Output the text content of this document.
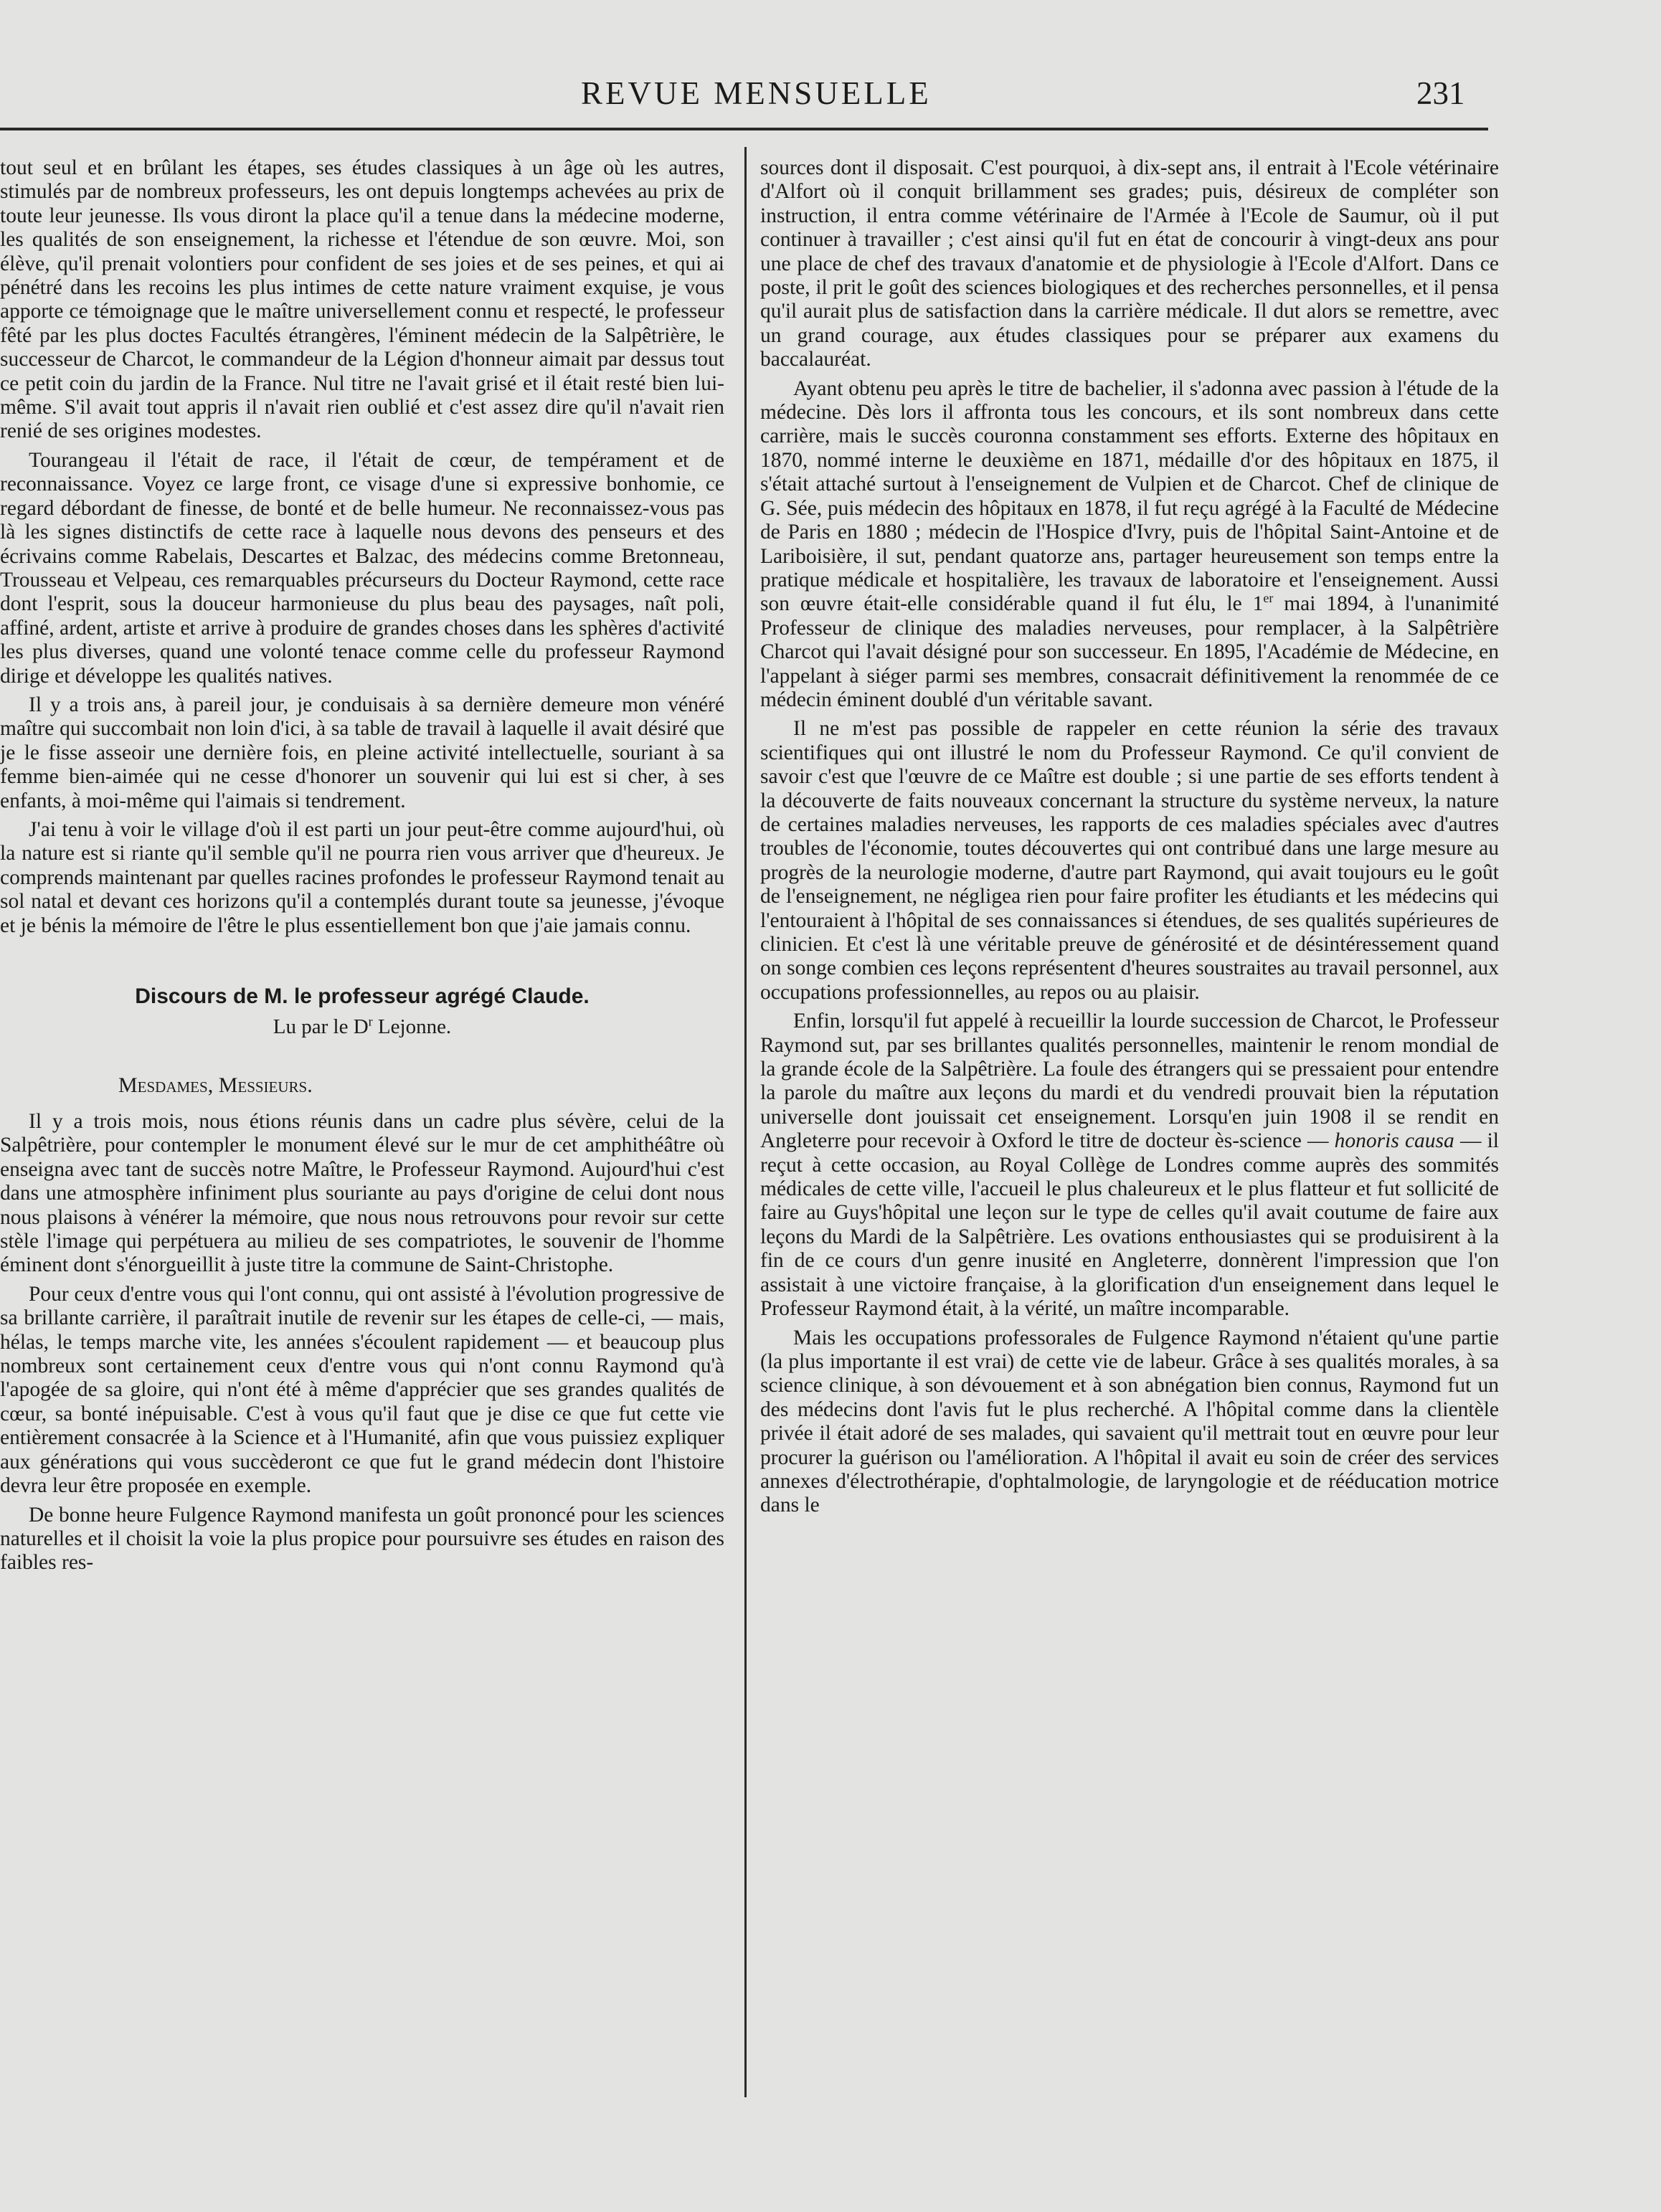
REVUE MENSUELLE	231

tout seul et en brûlant les étapes, ses études classiques à un âge où les autres, stimulés par de nombreux professeurs, les ont depuis longtemps achevées au prix de toute leur jeunesse. Ils vous diront la place qu'il a tenue dans la médecine moderne, les qualités de son enseignement, la richesse et l'étendue de son œuvre. Moi, son élève, qu'il prenait volontiers pour confident de ses joies et de ses peines, et qui ai pénétré dans les recoins les plus intimes de cette nature vraiment exquise, je vous apporte ce témoignage que le maître universellement connu et respecté, le professeur fêté par les plus doctes Facultés étrangères, l'éminent médecin de la Salpêtrière, le successeur de Charcot, le commandeur de la Légion d'honneur aimait par dessus tout ce petit coin du jardin de la France. Nul titre ne l'avait grisé et il était resté bien lui-même. S'il avait tout appris il n'avait rien oublié et c'est assez dire qu'il n'avait rien renié de ses origines modestes.

Tourangeau il l'était de race, il l'était de cœur, de tempérament et de reconnaissance. Voyez ce large front, ce visage d'une si expressive bonhomie, ce regard débordant de finesse, de bonté et de belle humeur. Ne reconnaissez-vous pas là les signes distinctifs de cette race à laquelle nous devons des penseurs et des écrivains comme Rabelais, Descartes et Balzac, des médecins comme Bretonneau, Trousseau et Velpeau, ces remarquables précurseurs du Docteur Raymond, cette race dont l'esprit, sous la douceur harmonieuse du plus beau des paysages, naît poli, affiné, ardent, artiste et arrive à produire de grandes choses dans les sphères d'activité les plus diverses, quand une volonté tenace comme celle du professeur Raymond dirige et développe les qualités natives.

Il y a trois ans, à pareil jour, je conduisais à sa dernière demeure mon vénéré maître qui succombait non loin d'ici, à sa table de travail à laquelle il avait désiré que je le fisse asseoir une dernière fois, en pleine activité intellectuelle, souriant à sa femme bien-aimée qui ne cesse d'honorer un souvenir qui lui est si cher, à ses enfants, à moi-même qui l'aimais si tendrement.

J'ai tenu à voir le village d'où il est parti un jour peut-être comme aujourd'hui, où la nature est si riante qu'il semble qu'il ne pourra rien vous arriver que d'heureux. Je comprends maintenant par quelles racines profondes le professeur Raymond tenait au sol natal et devant ces horizons qu'il a contemplés durant toute sa jeunesse, j'évoque et je bénis la mémoire de l'être le plus essentiellement bon que j'aie jamais connu.

Discours de M. le professeur agrégé Claude.
Lu par le $D^r$ Lejonne.
Mesdames, Messieurs.

Il y a trois mois, nous étions réunis dans un cadre plus sévère, celui de la Salpêtrière, pour contempler le monument élevé sur le mur de cet amphithéâtre où enseigna avec tant de succès notre Maître, le Professeur Raymond. Aujourd'hui c'est dans une atmosphère infiniment plus souriante au pays d'origine de celui dont nous nous plaisons à vénérer la mémoire, que nous nous retrouvons pour revoir sur cette stèle l'image qui perpétuera au milieu de ses compatriotes, le souvenir de l'homme éminent dont s'énorgueillit à juste titre la commune de Saint-Christophe.

Pour ceux d'entre vous qui l'ont connu, qui ont assisté à l'évolution progressive de sa brillante carrière, il paraîtrait inutile de revenir sur les étapes de celle-ci, — mais, hélas, le temps marche vite, les années s'écoulent rapidement — et beaucoup plus nombreux sont certainement ceux d'entre vous qui n'ont connu Raymond qu'à l'apogée de sa gloire, qui n'ont été à même d'apprécier que ses grandes qualités de cœur, sa bonté inépuisable. C'est à vous qu'il faut que je dise ce que fut cette vie entièrement consacrée à la Science et à l'Humanité, afin que vous puissiez expliquer aux générations qui vous succèderont ce que fut le grand médecin dont l'histoire devra leur être proposée en exemple.

De bonne heure Fulgence Raymond manifesta un goût prononcé pour les sciences naturelles et il choisit la voie la plus propice pour poursuivre ses études en raison des faibles res-

sources dont il disposait. C'est pourquoi, à dix-sept ans, il entrait à l'Ecole vétérinaire d'Alfort où il conquit brillamment ses grades; puis, désireux de compléter son instruction, il entra comme vétérinaire de l'Armée à l'Ecole de Saumur, où il put continuer à travailler ; c'est ainsi qu'il fut en état de concourir à vingt-deux ans pour une place de chef des travaux d'anatomie et de physiologie à l'Ecole d'Alfort. Dans ce poste, il prit le goût des sciences biologiques et des recherches personnelles, et il pensa qu'il aurait plus de satisfaction dans la carrière médicale. Il dut alors se remettre, avec un grand courage, aux études classiques pour se préparer aux examens du baccalauréat.

Ayant obtenu peu après le titre de bachelier, il s'adonna avec passion à l'étude de la médecine. Dès lors il affronta tous les concours, et ils sont nombreux dans cette carrière, mais le succès couronna constamment ses efforts. Externe des hôpitaux en 1870, nommé interne le deuxième en 1871, médaille d'or des hôpitaux en 1875, il s'était attaché surtout à l'enseignement de Vulpien et de Charcot. Chef de clinique de G. Sée, puis médecin des hôpitaux en 1878, il fut reçu agrégé à la Faculté de Médecine de Paris en 1880 ; médecin de l'Hospice d'Ivry, puis de l'hôpital Saint-Antoine et de Lariboisière, il sut, pendant quatorze ans, partager heureusement son temps entre la pratique médicale et hospitalière, les travaux de laboratoire et l'enseignement. Aussi son œuvre était-elle considérable quand il fut élu, le 1er mai 1894, à l'unanimité Professeur de clinique des maladies nerveuses, pour remplacer, à la Salpêtrière Charcot qui l'avait désigné pour son successeur. En 1895, l'Académie de Médecine, en l'appelant à siéger parmi ses membres, consacrait définitivement la renommée de ce médecin éminent doublé d'un véritable savant.

Il ne m'est pas possible de rappeler en cette réunion la série des travaux scientifiques qui ont illustré le nom du Professeur Raymond. Ce qu'il convient de savoir c'est que l'œuvre de ce Maître est double ; si une partie de ses efforts tendent à la découverte de faits nouveaux concernant la structure du système nerveux, la nature de certaines maladies nerveuses, les rapports de ces maladies spéciales avec d'autres troubles de l'économie, toutes découvertes qui ont contribué dans une large mesure au progrès de la neurologie moderne, d'autre part Raymond, qui avait toujours eu le goût de l'enseignement, ne négligea rien pour faire profiter les étudiants et les médecins qui l'entouraient à l'hôpital de ses connaissances si étendues, de ses qualités supérieures de clinicien. Et c'est là une véritable preuve de générosité et de désintéressement quand on songe combien ces leçons représentent d'heures soustraites au travail personnel, aux occupations professionnelles, au repos ou au plaisir.

Enfin, lorsqu'il fut appelé à recueillir la lourde succession de Charcot, le Professeur Raymond sut, par ses brillantes qualités personnelles, maintenir le renom mondial de la grande école de la Salpêtrière. La foule des étrangers qui se pressaient pour entendre la parole du maître aux leçons du mardi et du vendredi prouvait bien la réputation universelle dont jouissait cet enseignement. Lorsqu'en juin 1908 il se rendit en Angleterre pour recevoir à Oxford le titre de docteur ès-science — honoris causa — il reçut à cette occasion, au Royal Collège de Londres comme auprès des sommités médicales de cette ville, l'accueil le plus chaleureux et le plus flatteur et fut sollicité de faire au Guys'hôpital une leçon sur le type de celles qu'il avait coutume de faire aux leçons du Mardi de la Salpêtrière. Les ovations enthousiastes qui se produisirent à la fin de ce cours d'un genre inusité en Angleterre, donnèrent l'impression que l'on assistait à une victoire française, à la glorification d'un enseignement dans lequel le Professeur Raymond était, à la vérité, un maître incomparable.

Mais les occupations professorales de Fulgence Raymond n'étaient qu'une partie (la plus importante il est vrai) de cette vie de labeur. Grâce à ses qualités morales, à sa science clinique, à son dévouement et à son abnégation bien connus, Raymond fut un des médecins dont l'avis fut le plus recherché. A l'hôpital comme dans la clientèle privée il était adoré de ses malades, qui savaient qu'il mettrait tout en œuvre pour leur procurer la guérison ou l'amélioration. A l'hôpital il avait eu soin de créer des services annexes d'électrothérapie, d'ophtalmologie, de laryngologie et de rééducation motrice dans le
